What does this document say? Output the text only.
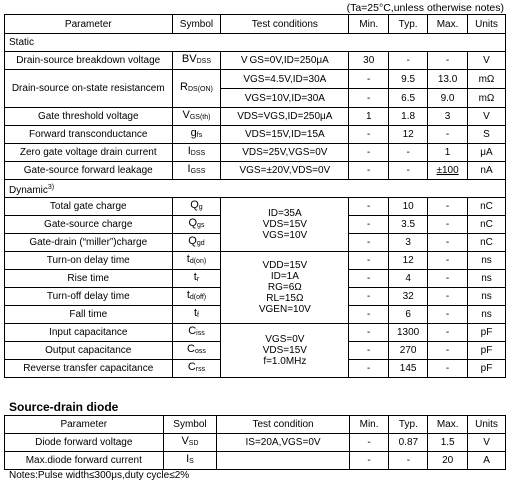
(Ta=25°C,unless otherwise notes)
Parameter	Symbol	Test conditions	Min.	Typ.	Max.	Units
Static						
Drain-source breakdown voltage	BVDSS	V GS=0V,ID=250μA	30	-	-	V
Drain-source on-state resistancem	RDS(ON)	VGS=4.5V,ID=30A	-	9.5	13.0	mΩ
		VGS=10V,ID=30A	-	6.5	9.0	mΩ
Gate threshold voltage	VGS(th)	VDS=VGS,ID=250μA	1	1.8	3	V
Forward transconductance	gfs	VDS=15V,ID=15A	-	12	-	S
Zero gate voltage drain current	IDSS	VDS=25V,VGS=0V	-	-	1	μA
Gate-source forward leakage	IGSS	VGS=±20V,VDS=0V	-	-	±100	nA
Dynamic$^{3)}$
Total gate charge	Qg	ID=35A
VDS=15V
VGS=10V	-	10	-	nC
Gate-source charge	Qgs		-	3.5	-	nC
Gate-drain (“miller”)charge	Qgd		-	3	-	nC
Turn-on delay time	td(on)	VDD=15V
ID=1A
RG=6Ω
RL=15Ω
VGEN=10V	-	12	-	ns
Rise time	tr		-	4	-	ns
Turn-off delay time	td(off)		-	32	-	ns
Fall time	tf		-	6	-	ns
Input capacitance	Ciss	VGS=0V
VDS=15V
f=1.0MHz	-	1300	-	pF
Output capacitance	Coss		-	270	-	pF
Reverse transfer capacitance	Crss		-	145	-	pF
Source-drain diode
Parameter	Symbol	Test condition	Min.	Typ.	Max.	Units
Diode forward voltage	VSD	IS=20A,VGS=0V	-	0.87	1.5	V
Max.diode forward current	IS		-	-	20	A
Notes:Pulse width≤300μs,duty cycle≤2%
